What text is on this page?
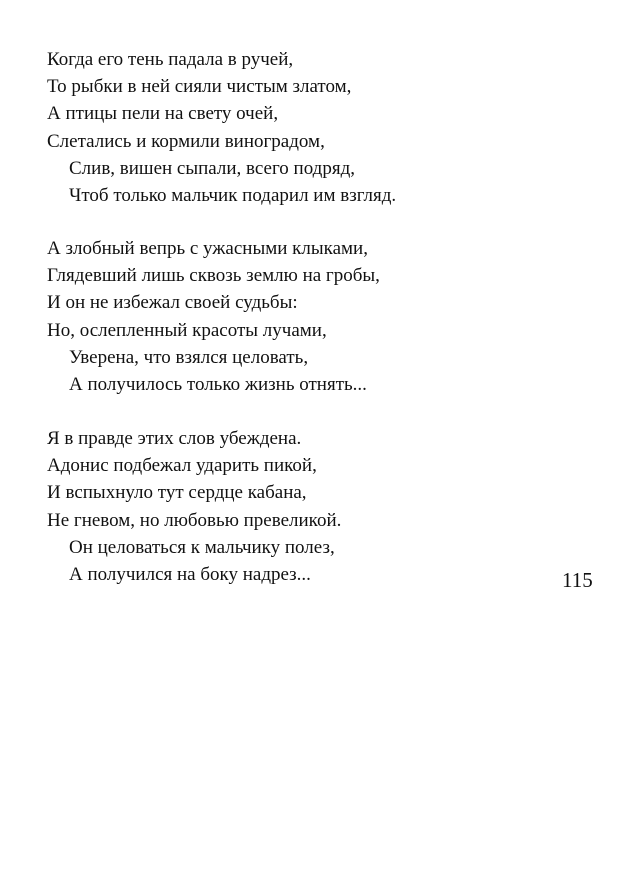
Когда его тень падала в ручей,
То рыбки в ней сияли чистым златом,
А птицы пели на свету очей,
Слетались и кормили виноградом,
Слив, вишен сыпали, всего подряд,
Чтоб только мальчик подарил им взгляд.
А злобный вепрь с ужасными клыками,
Глядевший лишь сквозь землю на гробы,
И он не избежал своей судьбы:
Но, ослепленный красоты лучами,
Уверена, что взялся целовать,
А получилось только жизнь отнять...
Я в правде этих слов убеждена.
Адонис подбежал ударить пикой,
И вспыхнуло тут сердце кабана,
Не гневом, но любовью превеликой.
Он целоваться к мальчику полез,
А получился на боку надрез...	115
